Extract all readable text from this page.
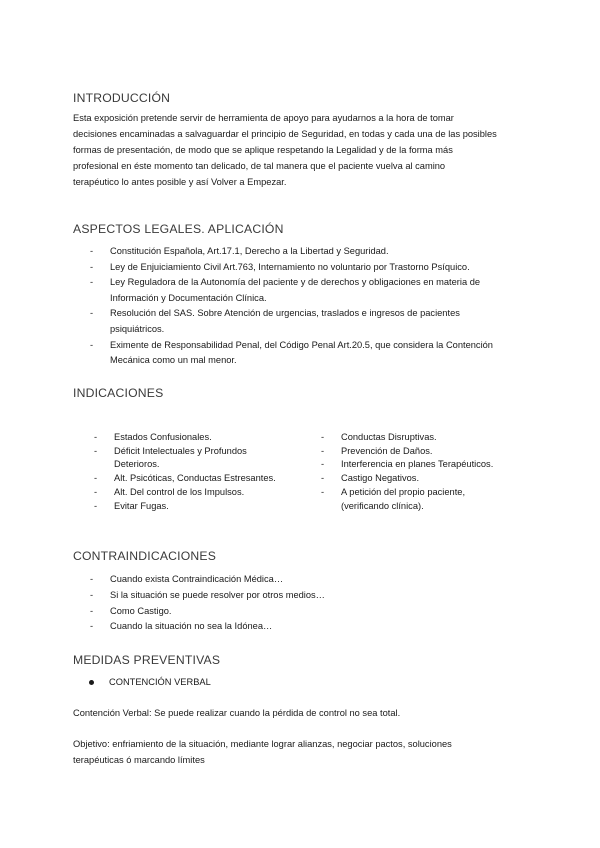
INTRODUCCIÓN
Esta exposición pretende servir de herramienta de apoyo para ayudarnos a la hora de tomar
decisiones encaminadas a salvaguardar el principio de Seguridad, en todas y cada una de las posibles
formas de presentación, de modo que se aplique respetando la Legalidad y de la forma más
profesional en éste momento tan delicado, de tal manera que el paciente vuelva al camino
terapéutico lo antes posible y así Volver a Empezar.
ASPECTOS LEGALES. APLICACIÓN
- Constitución Española, Art.17.1, Derecho a la Libertad y Seguridad.
- Ley de Enjuiciamiento Civil Art.763, Internamiento no voluntario por Trastorno Psíquico.
- Ley Reguladora de la Autonomía del paciente y de derechos y obligaciones en materia de
Información y Documentación Clínica.
- Resolución del SAS. Sobre Atención de urgencias, traslados e ingresos de pacientes
psiquiátricos.
- Eximente de Responsabilidad Penal, del Código Penal Art.20.5, que considera la Contención
Mecánica como un mal menor.
INDICACIONES
- Estados Confusionales.
- Déficit Intelectuales y Profundos
Deterioros.
- Alt. Psicóticas, Conductas Estresantes.
- Alt. Del control de los Impulsos.
- Evitar Fugas.
- Conductas Disruptivas.
- Prevención de Daños.
- Interferencia en planes Terapéuticos.
- Castigo Negativos.
- A petición del propio paciente,
(verificando clínica).
CONTRAINDICACIONES
- Cuando exista Contraindicación Médica…
- Si la situación se puede resolver por otros medios…
- Como Castigo.
- Cuando la situación no sea la Idónea…
MEDIDAS PREVENTIVAS
CONTENCIÓN VERBAL
Contención Verbal: Se puede realizar cuando la pérdida de control no sea total.
Objetivo: enfriamiento de la situación, mediante lograr alianzas, negociar pactos, soluciones
terapéuticas ó marcando límites
